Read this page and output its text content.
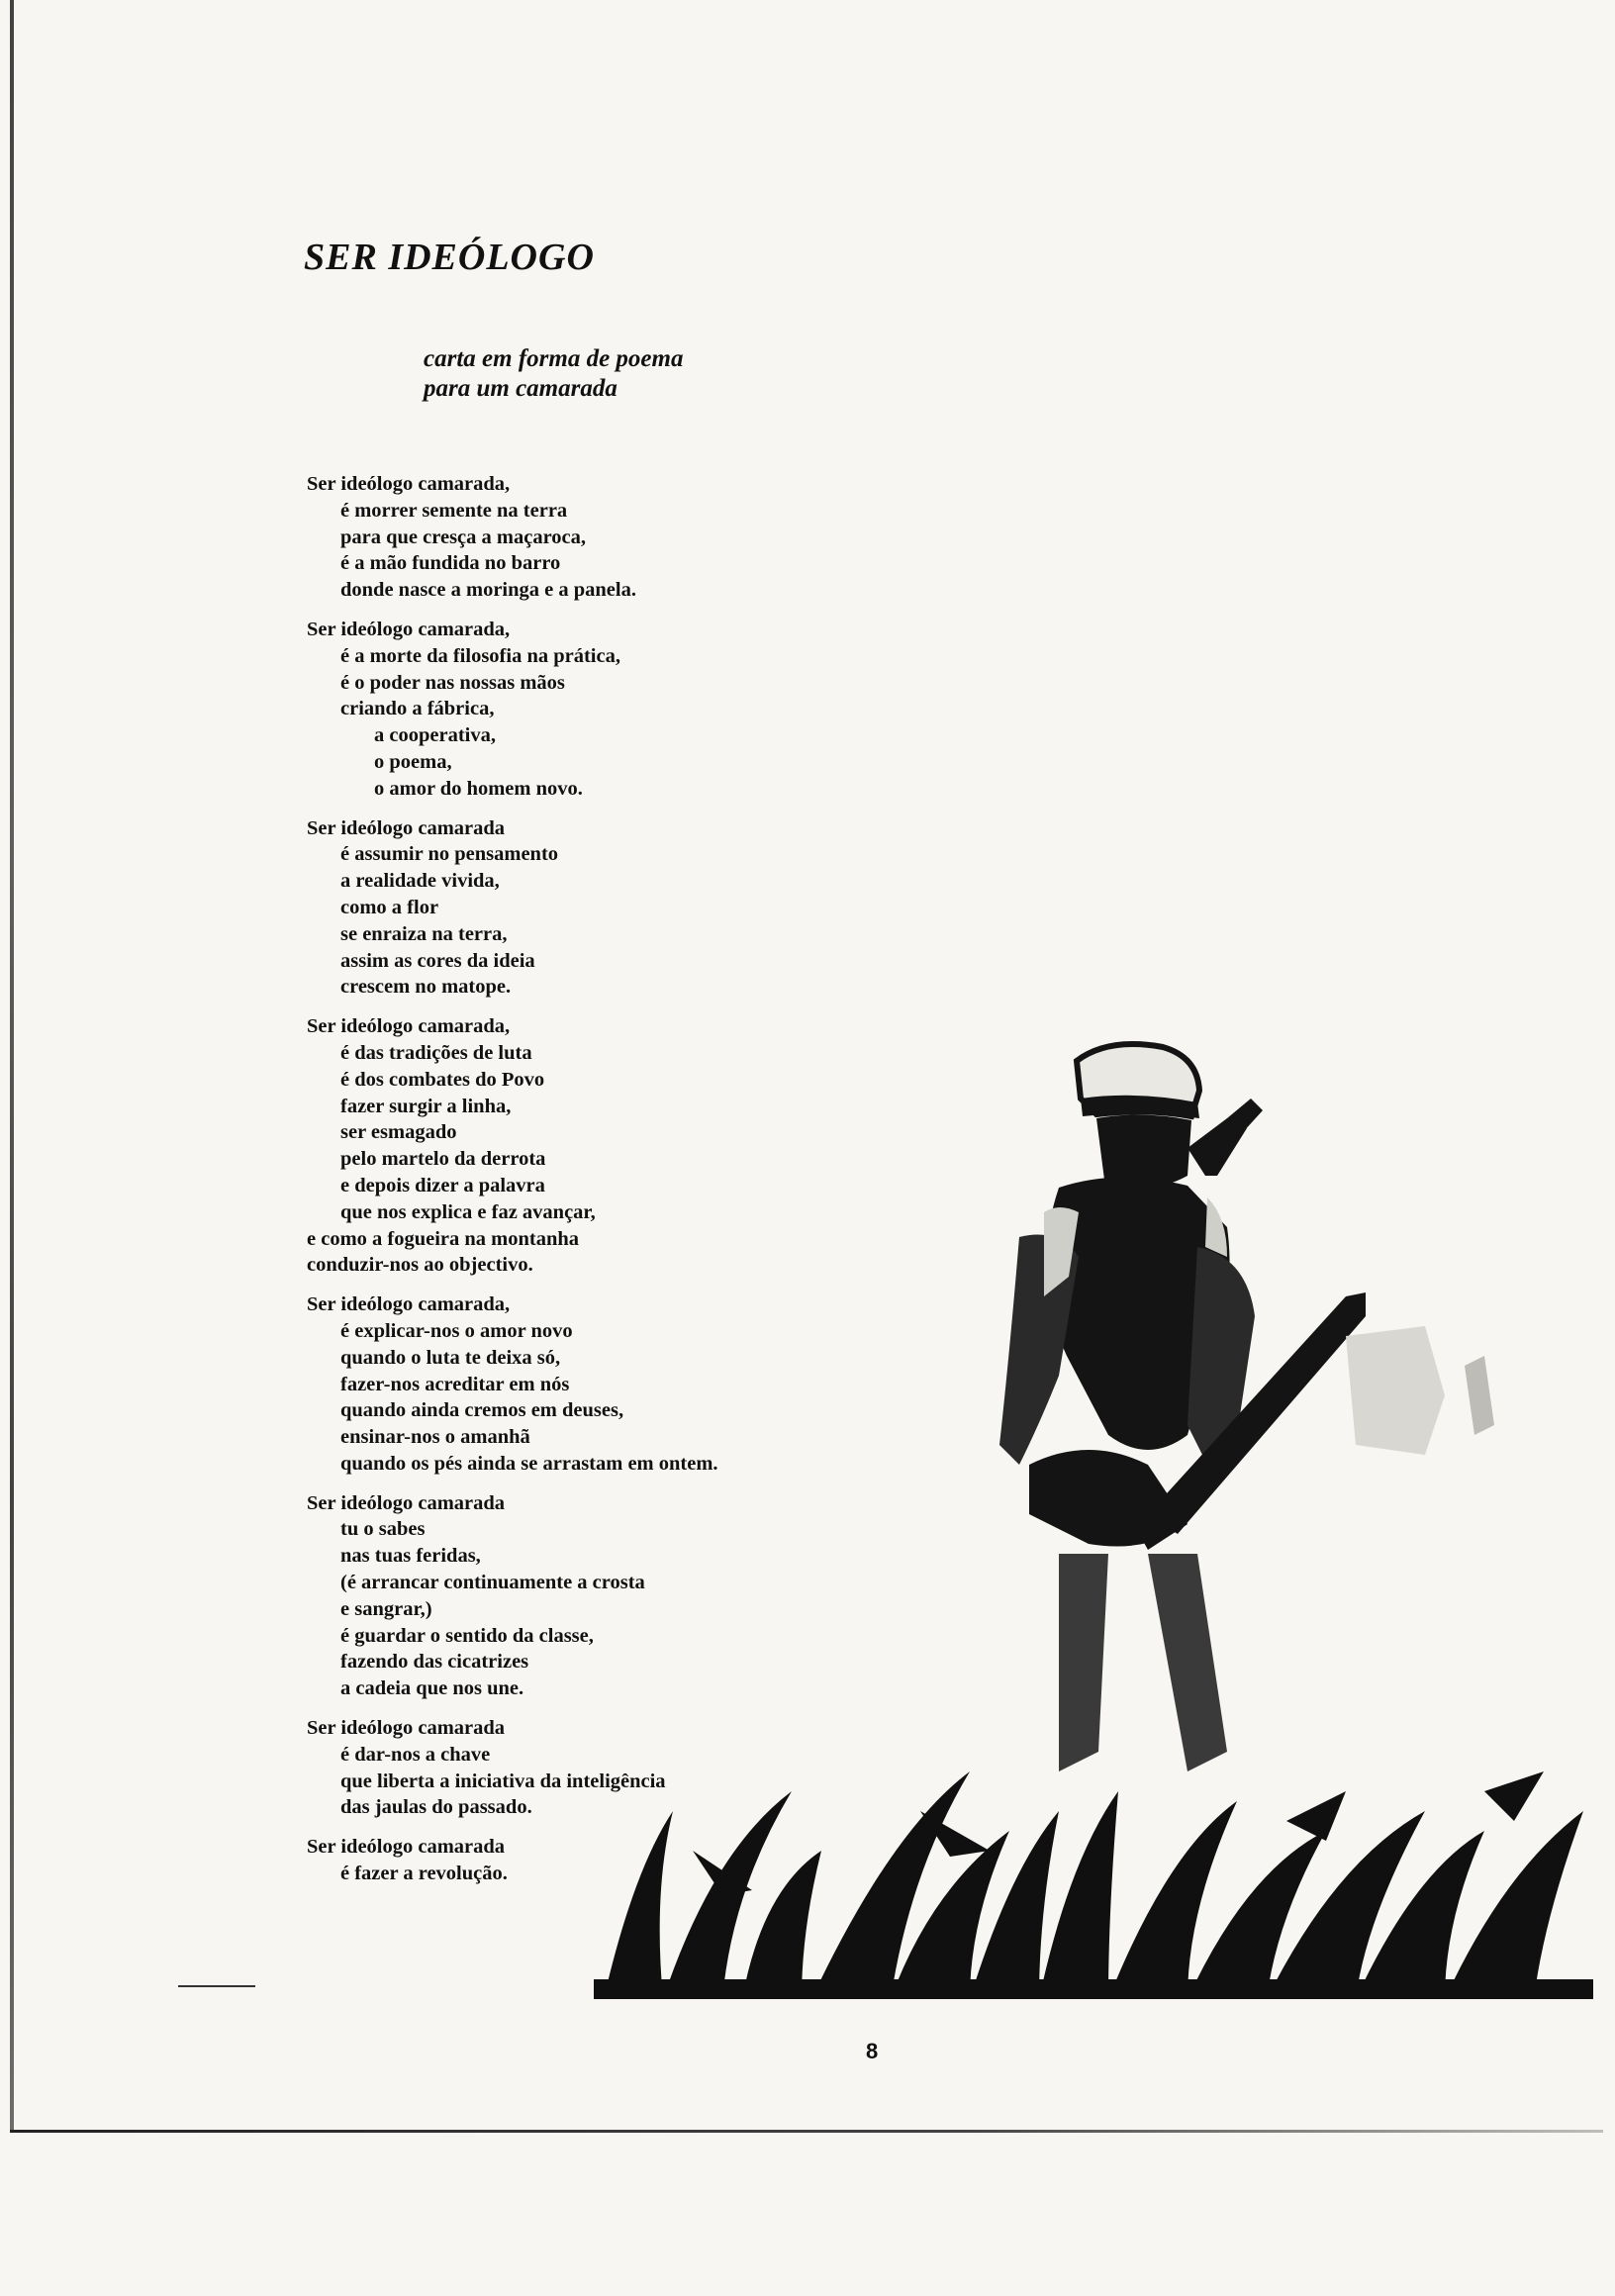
SER IDEÓLOGO
carta em forma de poema
para um camarada
Ser ideólogo camarada,
é morrer semente na terra
para que cresça a maçaroca,
é a mão fundida no barro
donde nasce a moringa e a panela.
Ser ideólogo camarada,
é a morte da filosofia na prática,
é o poder nas nossas mãos
criando a fábrica,
a cooperativa,
o poema,
o amor do homem novo.
Ser ideólogo camarada
é assumir no pensamento
a realidade vivida,
como a flor
se enraiza na terra,
assim as cores da ideia
crescem no matope.
Ser ideólogo camarada,
é das tradições de luta
é dos combates do Povo
fazer surgir a linha,
ser esmagado
pelo martelo da derrota
e depois dizer a palavra
que nos explica e faz avançar,
e como a fogueira na montanha
conduzir-nos ao objectivo.
Ser ideólogo camarada,
é explicar-nos o amor novo
quando o luta te deixa só,
fazer-nos acreditar em nós
quando ainda cremos em deuses,
ensinar-nos o amanhã
quando os pés ainda se arrastam em ontem.
Ser ideólogo camarada
tu o sabes
nas tuas feridas,
(é arrancar continuamente a crosta
e sangrar,)
é guardar o sentido da classe,
fazendo das cicatrizes
a cadeia que nos une.
Ser ideólogo camarada
é dar-nos a chave
que liberta a iniciativa da inteligência
das jaulas do passado.
Ser ideólogo camarada
é fazer a revolução.
8
